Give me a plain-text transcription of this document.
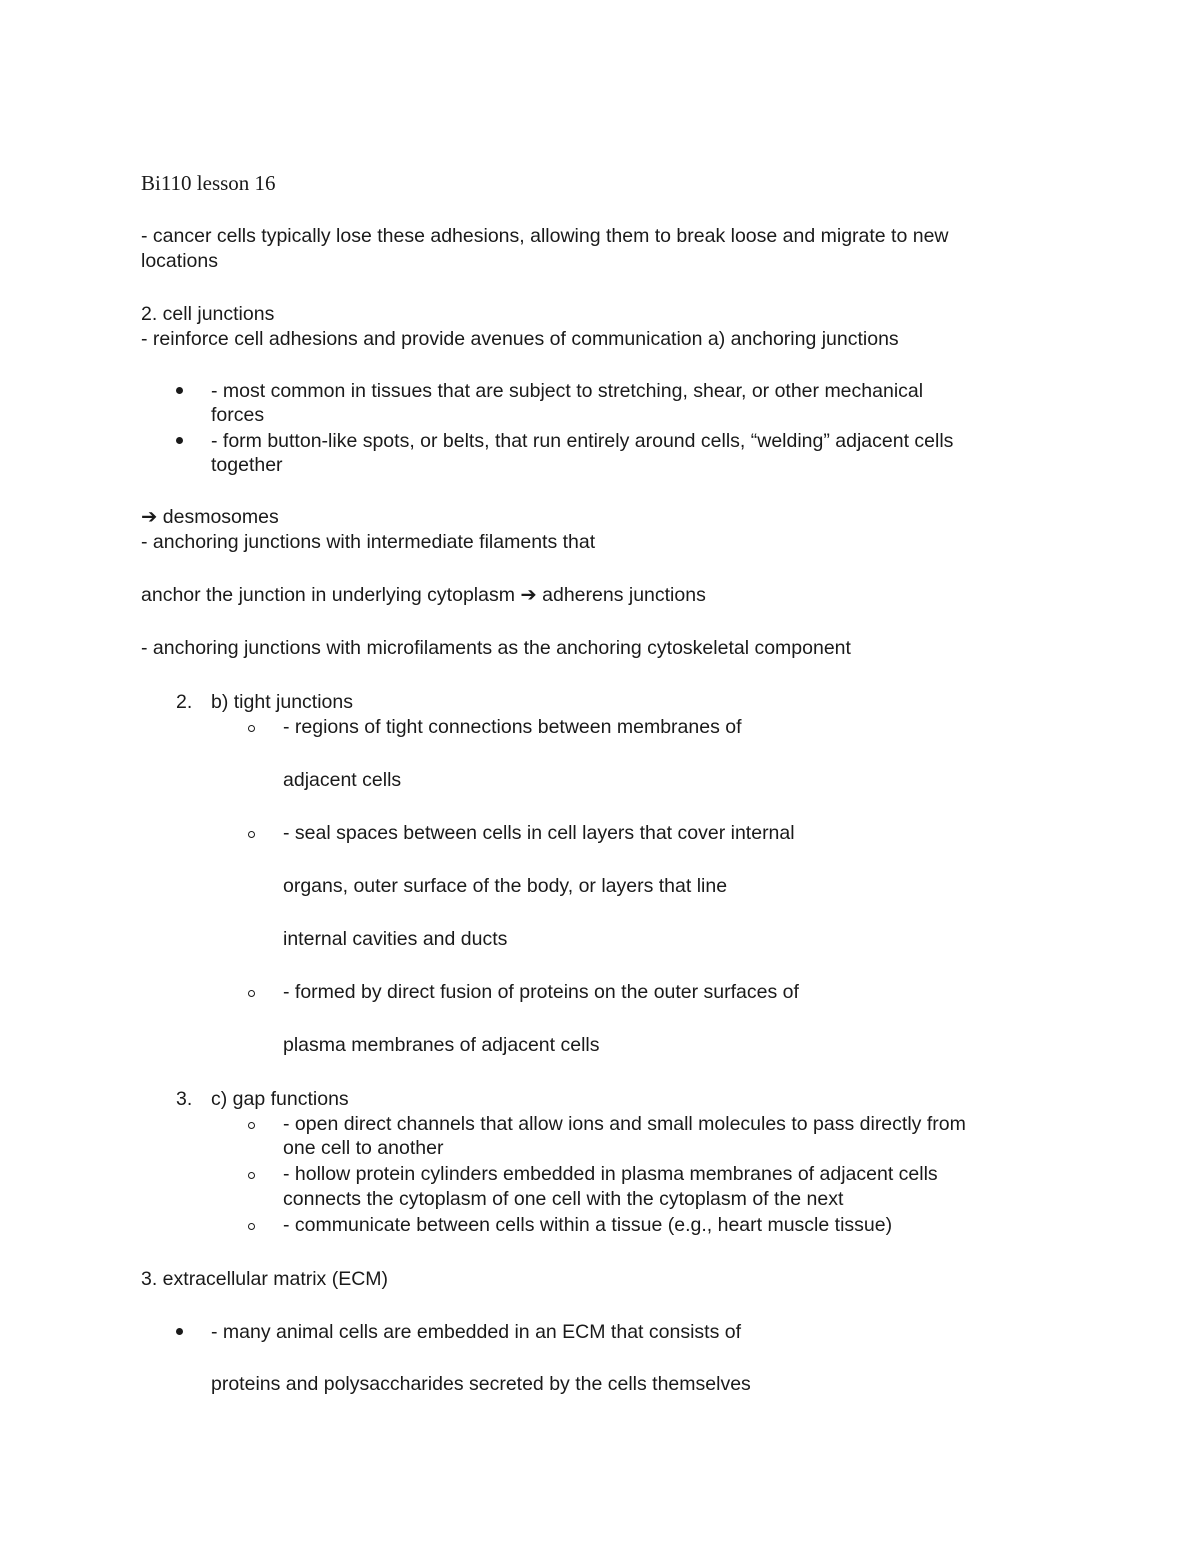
Bi110 lesson 16
- cancer cells typically lose these adhesions, allowing them to break loose and migrate to new
locations
2. cell junctions
- reinforce cell adhesions and provide avenues of communication a) anchoring junctions
- most common in tissues that are subject to stretching, shear, or other mechanical
forces
- form button-like spots, or belts, that run entirely around cells, “welding” adjacent cells
together
➔ desmosomes
- anchoring junctions with intermediate filaments that
anchor the junction in underlying cytoplasm ➔ adherens junctions
- anchoring junctions with microfilaments as the anchoring cytoskeletal component
2. b) tight junctions
- regions of tight connections between membranes of
adjacent cells
- seal spaces between cells in cell layers that cover internal
organs, outer surface of the body, or layers that line
internal cavities and ducts
- formed by direct fusion of proteins on the outer surfaces of
plasma membranes of adjacent cells
3. c) gap functions
- open direct channels that allow ions and small molecules to pass directly from
one cell to another
- hollow protein cylinders embedded in plasma membranes of adjacent cells
connects the cytoplasm of one cell with the cytoplasm of the next
- communicate between cells within a tissue (e.g., heart muscle tissue)
3. extracellular matrix (ECM)
- many animal cells are embedded in an ECM that consists of
proteins and polysaccharides secreted by the cells themselves
